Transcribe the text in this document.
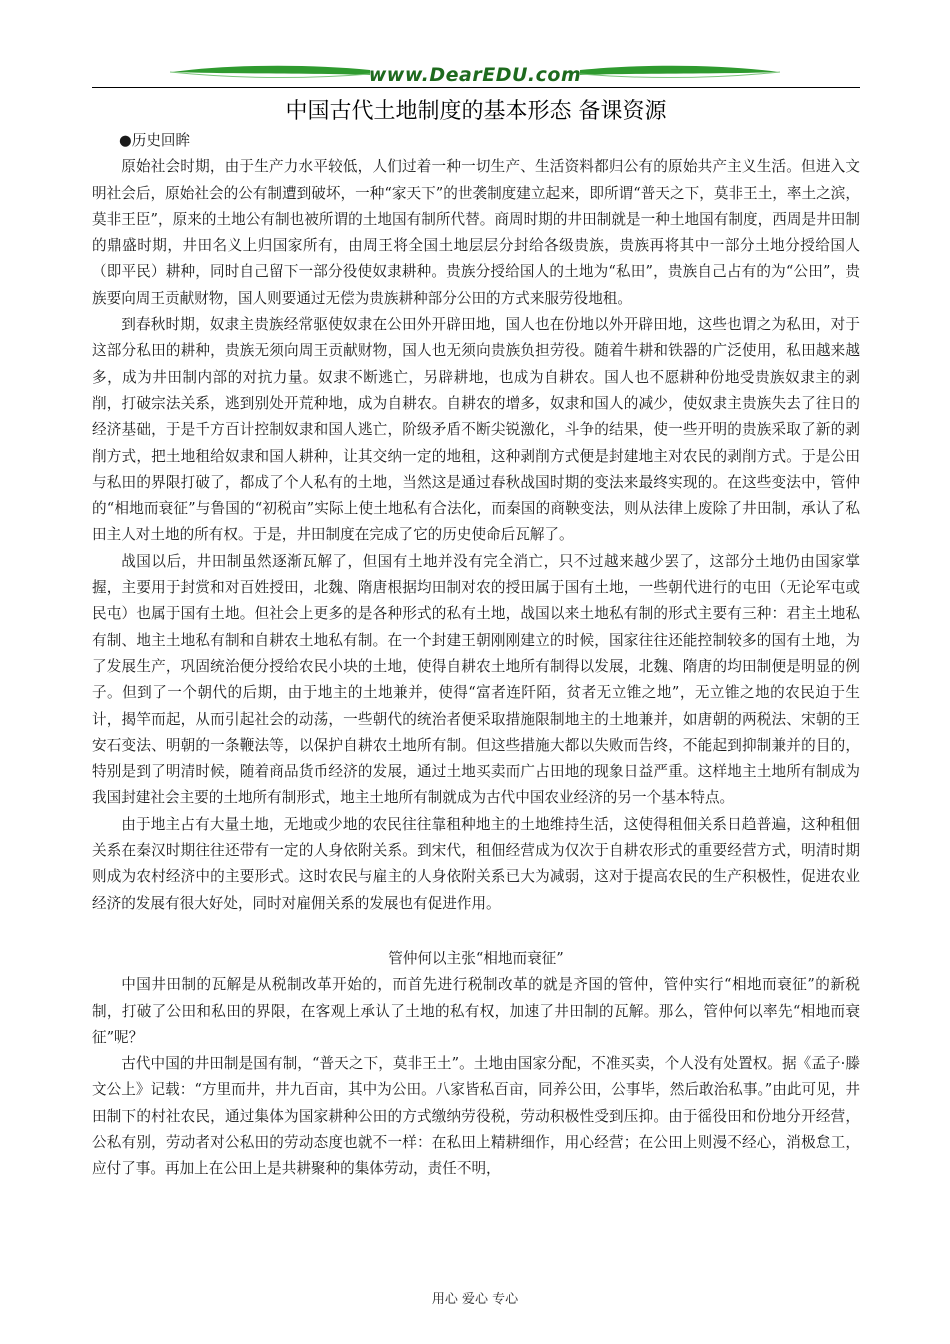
www.DearEDU.com
中国古代土地制度的基本形态 备课资源

●历史回眸

原始社会时期，由于生产力水平较低，人们过着一种一切生产、生活资料都归公有的原始共产主义生活。但进入文明社会后，原始社会的公有制遭到破坏，一种“家天下”的世袭制度建立起来，即所谓“普天之下，莫非王土，率土之滨，莫非王臣”，原来的土地公有制也被所谓的土地国有制所代替。商周时期的井田制就是一种土地国有制度，西周是井田制的鼎盛时期，井田名义上归国家所有，由周王将全国土地层层分封给各级贵族，贵族再将其中一部分土地分授给国人（即平民）耕种，同时自己留下一部分役使奴隶耕种。贵族分授给国人的土地为“私田”，贵族自己占有的为“公田”，贵族要向周王贡献财物，国人则要通过无偿为贵族耕种部分公田的方式来服劳役地租。

到春秋时期，奴隶主贵族经常驱使奴隶在公田外开辟田地，国人也在份地以外开辟田地，这些也谓之为私田，对于这部分私田的耕种，贵族无须向周王贡献财物，国人也无须向贵族负担劳役。随着牛耕和铁器的广泛使用，私田越来越多，成为井田制内部的对抗力量。奴隶不断逃亡，另辟耕地，也成为自耕农。国人也不愿耕种份地受贵族奴隶主的剥削，打破宗法关系，逃到别处开荒种地，成为自耕农。自耕农的增多，奴隶和国人的减少，使奴隶主贵族失去了往日的经济基础，于是千方百计控制奴隶和国人逃亡，阶级矛盾不断尖锐激化，斗争的结果，使一些开明的贵族采取了新的剥削方式，把土地租给奴隶和国人耕种，让其交纳一定的地租，这种剥削方式便是封建地主对农民的剥削方式。于是公田与私田的界限打破了，都成了个人私有的土地，当然这是通过春秋战国时期的变法来最终实现的。在这些变法中，管仲的“相地而衰征”与鲁国的“初税亩”实际上使土地私有合法化，而秦国的商鞅变法，则从法律上废除了井田制，承认了私田主人对土地的所有权。于是，井田制度在完成了它的历史使命后瓦解了。

战国以后，井田制虽然逐渐瓦解了，但国有土地并没有完全消亡，只不过越来越少罢了，这部分土地仍由国家掌握，主要用于封赏和对百姓授田，北魏、隋唐根据均田制对农的授田属于国有土地，一些朝代进行的屯田（无论军屯或民屯）也属于国有土地。但社会上更多的是各种形式的私有土地，战国以来土地私有制的形式主要有三种：君主土地私有制、地主土地私有制和自耕农土地私有制。在一个封建王朝刚刚建立的时候，国家往往还能控制较多的国有土地，为了发展生产，巩固统治便分授给农民小块的土地，使得自耕农土地所有制得以发展，北魏、隋唐的均田制便是明显的例子。但到了一个朝代的后期，由于地主的土地兼并，使得“富者连阡陌，贫者无立锥之地”，无立锥之地的农民迫于生计，揭竿而起，从而引起社会的动荡，一些朝代的统治者便采取措施限制地主的土地兼并，如唐朝的两税法、宋朝的王安石变法、明朝的一条鞭法等，以保护自耕农土地所有制。但这些措施大都以失败而告终，不能起到抑制兼并的目的，特别是到了明清时候，随着商品货币经济的发展，通过土地买卖而广占田地的现象日益严重。这样地主土地所有制成为我国封建社会主要的土地所有制形式，地主土地所有制就成为古代中国农业经济的另一个基本特点。

由于地主占有大量土地，无地或少地的农民往往靠租种地主的土地维持生活，这使得租佃关系日趋普遍，这种租佃关系在秦汉时期往往还带有一定的人身依附关系。到宋代，租佃经营成为仅次于自耕农形式的重要经营方式，明清时期则成为农村经济中的主要形式。这时农民与雇主的人身依附关系已大为减弱，这对于提高农民的生产积极性，促进农业经济的发展有很大好处，同时对雇佣关系的发展也有促进作用。

管仲何以主张“相地而衰征”

中国井田制的瓦解是从税制改革开始的，而首先进行税制改革的就是齐国的管仲，管仲实行“相地而衰征”的新税制，打破了公田和私田的界限，在客观上承认了土地的私有权，加速了井田制的瓦解。那么，管仲何以率先“相地而衰征”呢？

古代中国的井田制是国有制，“普天之下，莫非王土”。土地由国家分配，不准买卖，个人没有处置权。据《孟子·滕文公上》记载：“方里而井，井九百亩，其中为公田。八家皆私百亩，同养公田，公事毕，然后敢治私事。”由此可见，井田制下的村社农民，通过集体为国家耕种公田的方式缴纳劳役税，劳动积极性受到压抑。由于徭役田和份地分开经营，公私有别，劳动者对公私田的劳动态度也就不一样：在私田上精耕细作，用心经营；在公田上则漫不经心，消极怠工，应付了事。再加上在公田上是共耕聚种的集体劳动，责任不明，

用心 爱心 专心
